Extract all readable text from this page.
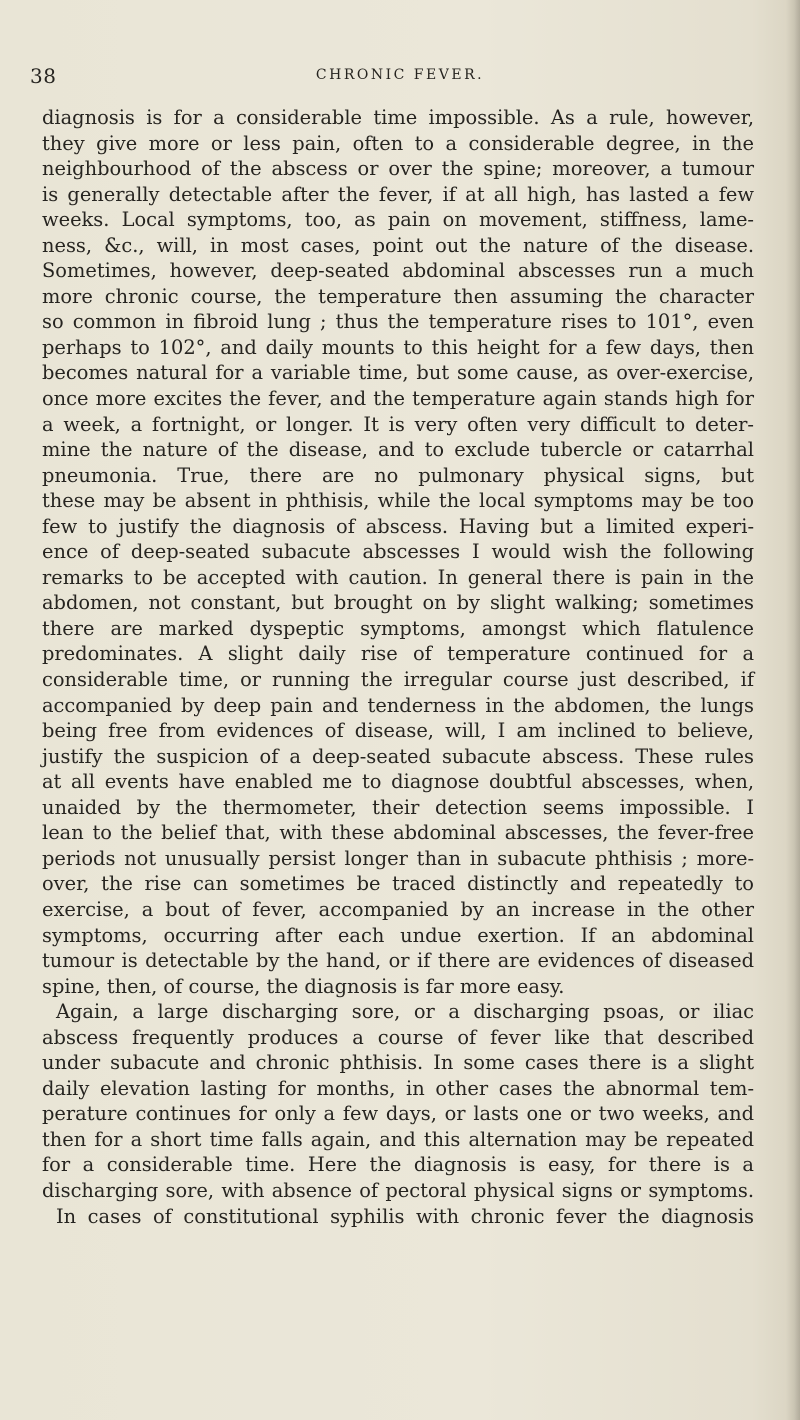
38	CHRONIC FEVER.
diagnosis is for a considerable time impossible. As a rule, however,
they give more or less pain, often to a considerable degree, in the
neighbourhood of the abscess or over the spine; moreover, a tumour
is generally detectable after the fever, if at all high, has lasted a few
weeks. Local symptoms, too, as pain on movement, stiffness, lame-
ness, &c., will, in most cases, point out the nature of the disease.
Sometimes, however, deep-seated abdominal abscesses run a much
more chronic course, the temperature then assuming the character
so common in fibroid lung ; thus the temperature rises to 101°, even
perhaps to 102°, and daily mounts to this height for a few days, then
becomes natural for a variable time, but some cause, as over-exercise,
once more excites the fever, and the temperature again stands high for
a week, a fortnight, or longer. It is very often very difficult to deter-
mine the nature of the disease, and to exclude tubercle or catarrhal
pneumonia. True, there are no pulmonary physical signs, but
these may be absent in phthisis, while the local symptoms may be too
few to justify the diagnosis of abscess. Having but a limited experi-
ence of deep-seated subacute abscesses I would wish the following
remarks to be accepted with caution. In general there is pain in the
abdomen, not constant, but brought on by slight walking; sometimes
there are marked dyspeptic symptoms, amongst which flatulence
predominates. A slight daily rise of temperature continued for a
considerable time, or running the irregular course just described, if
accompanied by deep pain and tenderness in the abdomen, the lungs
being free from evidences of disease, will, I am inclined to believe,
justify the suspicion of a deep-seated subacute abscess. These rules
at all events have enabled me to diagnose doubtful abscesses, when,
unaided by the thermometer, their detection seems impossible. I
lean to the belief that, with these abdominal abscesses, the fever-free
periods not unusually persist longer than in subacute phthisis ; more-
over, the rise can sometimes be traced distinctly and repeatedly to
exercise, a bout of fever, accompanied by an increase in the other
symptoms, occurring after each undue exertion. If an abdominal
tumour is detectable by the hand, or if there are evidences of diseased
spine, then, of course, the diagnosis is far more easy.
Again, a large discharging sore, or a discharging psoas, or iliac
abscess frequently produces a course of fever like that described
under subacute and chronic phthisis. In some cases there is a slight
daily elevation lasting for months, in other cases the abnormal tem-
perature continues for only a few days, or lasts one or two weeks, and
then for a short time falls again, and this alternation may be repeated
for a considerable time. Here the diagnosis is easy, for there is a
discharging sore, with absence of pectoral physical signs or symptoms.
In cases of constitutional syphilis with chronic fever the diagnosis
